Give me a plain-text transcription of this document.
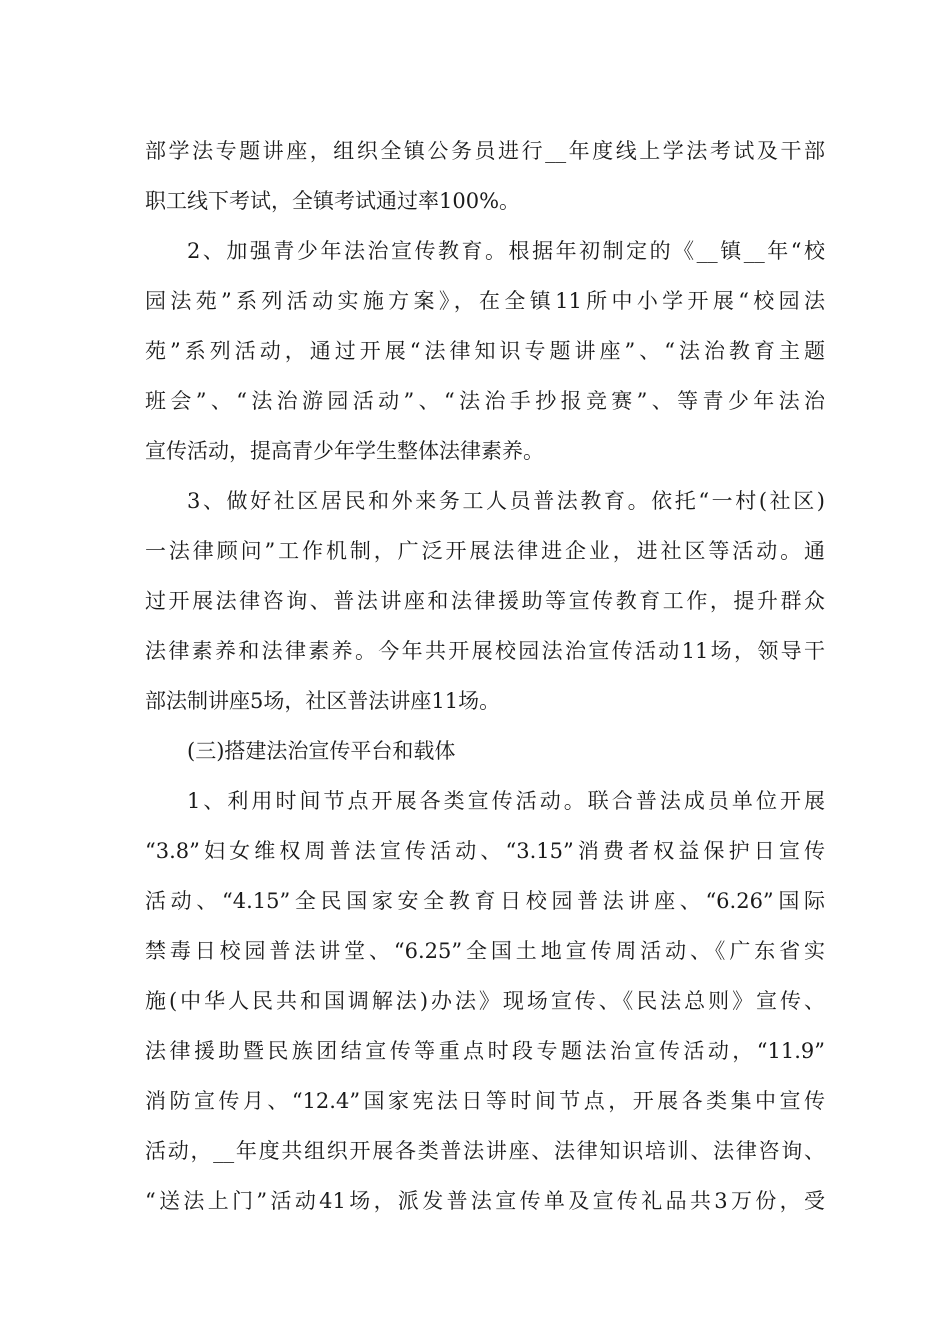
部学法专题讲座，组织全镇公务员进行__年度线上学法考试及干部
职工线下考试，全镇考试通过率100%。
2、加强青少年法治宣传教育。根据年初制定的《__镇__年“校
园法苑”系列活动实施方案》，在全镇11所中小学开展“校园法
苑”系列活动，通过开展“法律知识专题讲座”、“法治教育主题
班会”、“法治游园活动”、“法治手抄报竞赛”、等青少年法治
宣传活动，提高青少年学生整体法律素养。
3、做好社区居民和外来务工人员普法教育。依托“一村(社区)
一法律顾问”工作机制，广泛开展法律进企业，进社区等活动。通
过开展法律咨询、普法讲座和法律援助等宣传教育工作，提升群众
法律素养和法律素养。今年共开展校园法治宣传活动11场，领导干
部法制讲座5场，社区普法讲座11场。
(三)搭建法治宣传平台和载体
1、利用时间节点开展各类宣传活动。联合普法成员单位开展
“3.8”妇女维权周普法宣传活动、“3.15”消费者权益保护日宣传
活动、“4.15”全民国家安全教育日校园普法讲座、“6.26”国际
禁毒日校园普法讲堂、“6.25”全国土地宣传周活动、《广东省实
施(中华人民共和国调解法)办法》现场宣传、《民法总则》宣传、
法律援助暨民族团结宣传等重点时段专题法治宣传活动，“11.9”
消防宣传月、“12.4”国家宪法日等时间节点，开展各类集中宣传
活动，__年度共组织开展各类普法讲座、法律知识培训、法律咨询、
“送法上门”活动41场，派发普法宣传单及宣传礼品共3万份，受
